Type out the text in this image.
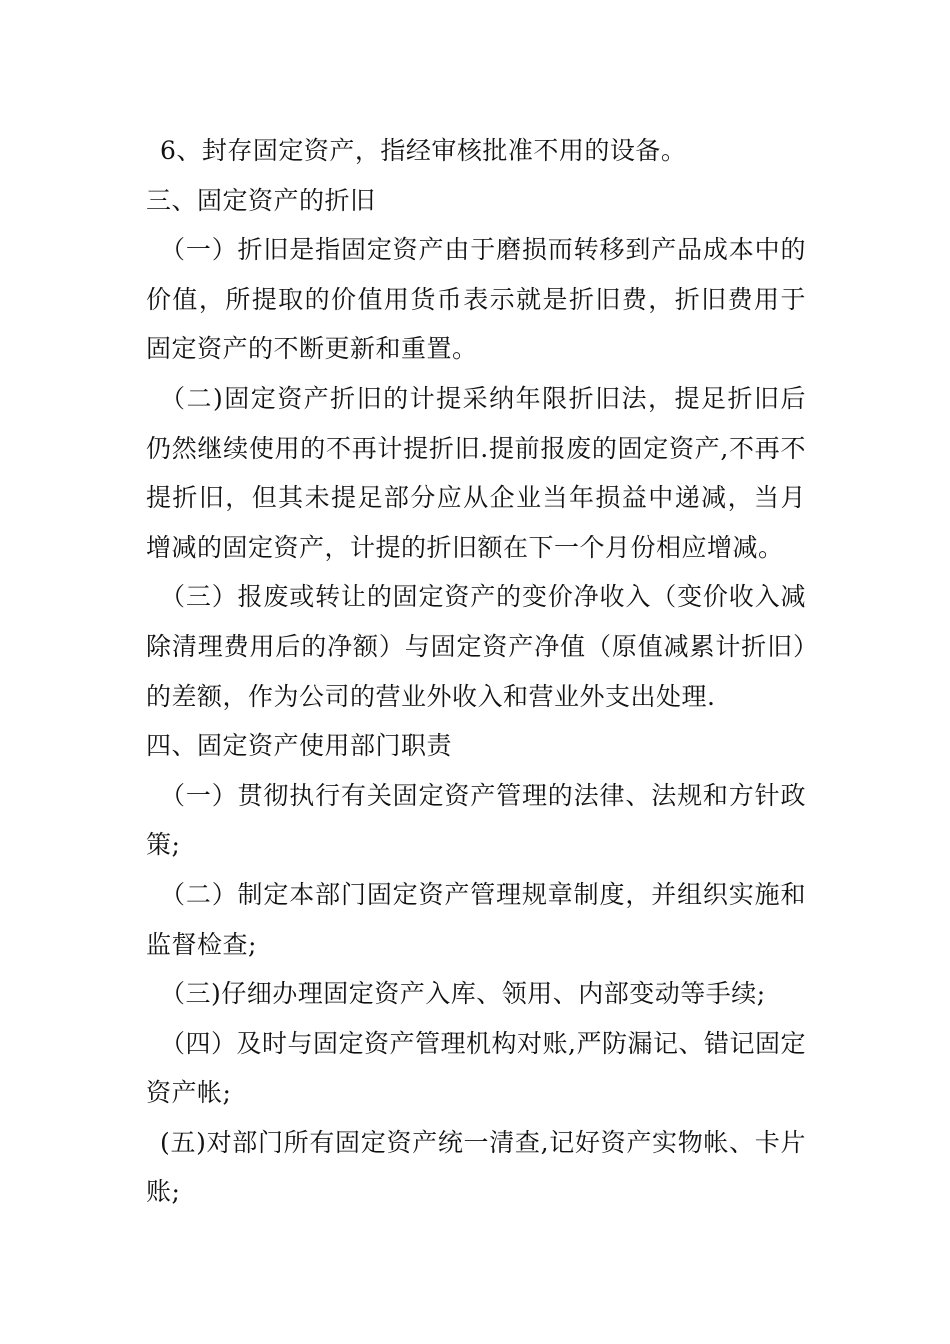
6、封存固定资产，指经审核批准不用的设备。

三、固定资产的折旧

（一）折旧是指固定资产由于磨损而转移到产品成本中的价值，所提取的价值用货币表示就是折旧费，折旧费用于固定资产的不断更新和重置。

（二)固定资产折旧的计提采纳年限折旧法，提足折旧后仍然继续使用的不再计提折旧.提前报废的固定资产,不再不提折旧，但其未提足部分应从企业当年损益中递减，当月增减的固定资产，计提的折旧额在下一个月份相应增减。

（三）报废或转让的固定资产的变价净收入（变价收入减除清理费用后的净额）与固定资产净值（原值减累计折旧）的差额，作为公司的营业外收入和营业外支出处理.

四、固定资产使用部门职责

（一）贯彻执行有关固定资产管理的法律、法规和方针政策;

（二）制定本部门固定资产管理规章制度，并组织实施和监督检查;

（三)仔细办理固定资产入库、领用、内部变动等手续;

（四）及时与固定资产管理机构对账,严防漏记、错记固定资产帐;

(五)对部门所有固定资产统一清查,记好资产实物帐、卡片账;
